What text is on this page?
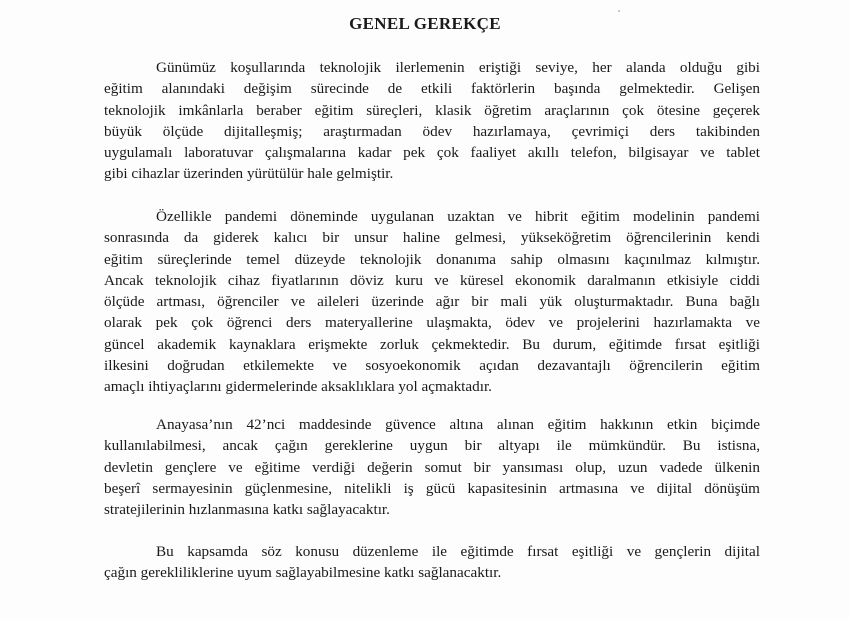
GENEL GEREKÇE
Günümüz koşullarında teknolojik ilerlemenin eriştiği seviye, her alanda olduğu gibi
eğitim alanındaki değişim sürecinde de etkili faktörlerin başında gelmektedir. Gelişen
teknolojik imkânlarla beraber eğitim süreçleri, klasik öğretim araçlarının çok ötesine geçerek
büyük ölçüde dijitalleşmiş; araştırmadan ödev hazırlamaya, çevrimiçi ders takibinden
uygulamalı laboratuvar çalışmalarına kadar pek çok faaliyet akıllı telefon, bilgisayar ve tablet
gibi cihazlar üzerinden yürütülür hale gelmiştir.
Özellikle pandemi döneminde uygulanan uzaktan ve hibrit eğitim modelinin pandemi
sonrasında da giderek kalıcı bir unsur haline gelmesi, yükseköğretim öğrencilerinin kendi
eğitim süreçlerinde temel düzeyde teknolojik donanıma sahip olmasını kaçınılmaz kılmıştır.
Ancak teknolojik cihaz fiyatlarının döviz kuru ve küresel ekonomik daralmanın etkisiyle ciddi
ölçüde artması, öğrenciler ve aileleri üzerinde ağır bir mali yük oluşturmaktadır. Buna bağlı
olarak pek çok öğrenci ders materyallerine ulaşmakta, ödev ve projelerini hazırlamakta ve
güncel akademik kaynaklara erişmekte zorluk çekmektedir. Bu durum, eğitimde fırsat eşitliği
ilkesini doğrudan etkilemekte ve sosyoekonomik açıdan dezavantajlı öğrencilerin eğitim
amaçlı ihtiyaçlarını gidermelerinde aksaklıklara yol açmaktadır.
Anayasa’nın 42’nci maddesinde güvence altına alınan eğitim hakkının etkin biçimde
kullanılabilmesi, ancak çağın gereklerine uygun bir altyapı ile mümkündür. Bu istisna,
devletin gençlere ve eğitime verdiği değerin somut bir yansıması olup, uzun vadede ülkenin
beşerî sermayesinin güçlenmesine, nitelikli iş gücü kapasitesinin artmasına ve dijital dönüşüm
stratejilerinin hızlanmasına katkı sağlayacaktır.
Bu kapsamda söz konusu düzenleme ile eğitimde fırsat eşitliği ve gençlerin dijital
çağın gerekliliklerine uyum sağlayabilmesine katkı sağlanacaktır.
